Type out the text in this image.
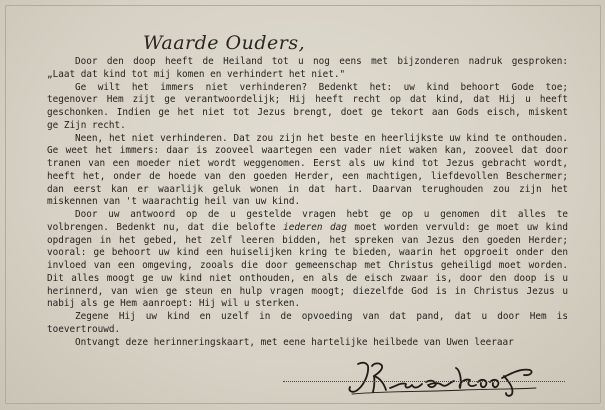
Waarde Ouders,
Door den doop heeft de Heiland tot u nog eens met bijzonderen nadruk gesproken:
„Laat dat kind tot mij komen en verhindert het niet."
Ge wilt het immers niet verhinderen? Bedenkt het: uw kind behoort Gode toe;
tegenover Hem zijt ge verantwoordelijk; Hij heeft recht op dat kind, dat Hij u heeft
geschonken. Indien ge het niet tot Jezus brengt, doet ge tekort aan Gods eisch, miskent
ge Zijn recht.
Neen, het niet verhinderen. Dat zou zijn het beste en heerlijkste uw kind te onthouden.
Ge weet het immers: daar is zooveel waartegen een vader niet waken kan, zooveel dat door
tranen van een moeder niet wordt weggenomen. Eerst als uw kind tot Jezus gebracht wordt,
heeft het, onder de hoede van den goeden Herder, een machtigen, liefdevollen Beschermer;
dan eerst kan er waarlijk geluk wonen in dat hart. Daarvan terughouden zou zijn het
miskennen van 't waarachtig heil van uw kind.
Door uw antwoord op de u gestelde vragen hebt ge op u genomen dit alles te
volbrengen. Bedenkt nu, dat die belofte iederen dag moet worden vervuld: ge moet uw kind
opdragen in het gebed, het zelf leeren bidden, het spreken van Jezus den goeden Herder;
vooral: ge behoort uw kind een huiselijken kring te bieden, waarin het opgroeit onder den
invloed van een omgeving, zooals die door gemeenschap met Christus geheiligd moet worden.
Dit alles moogt ge uw kind niet onthouden, en als de eisch zwaar is, door den doop is u
herinnerd, van wien ge steun en hulp vragen moogt; diezelfde God is in Christus Jezus u
nabij als ge Hem aanroept: Hij wil u sterken.
Zegene Hij uw kind en uzelf in de opvoeding van dat pand, dat u door Hem is
toevertrouwd.
Ontvangt deze herinneringskaart, met eene hartelijke heilbede van Uwen leeraar
